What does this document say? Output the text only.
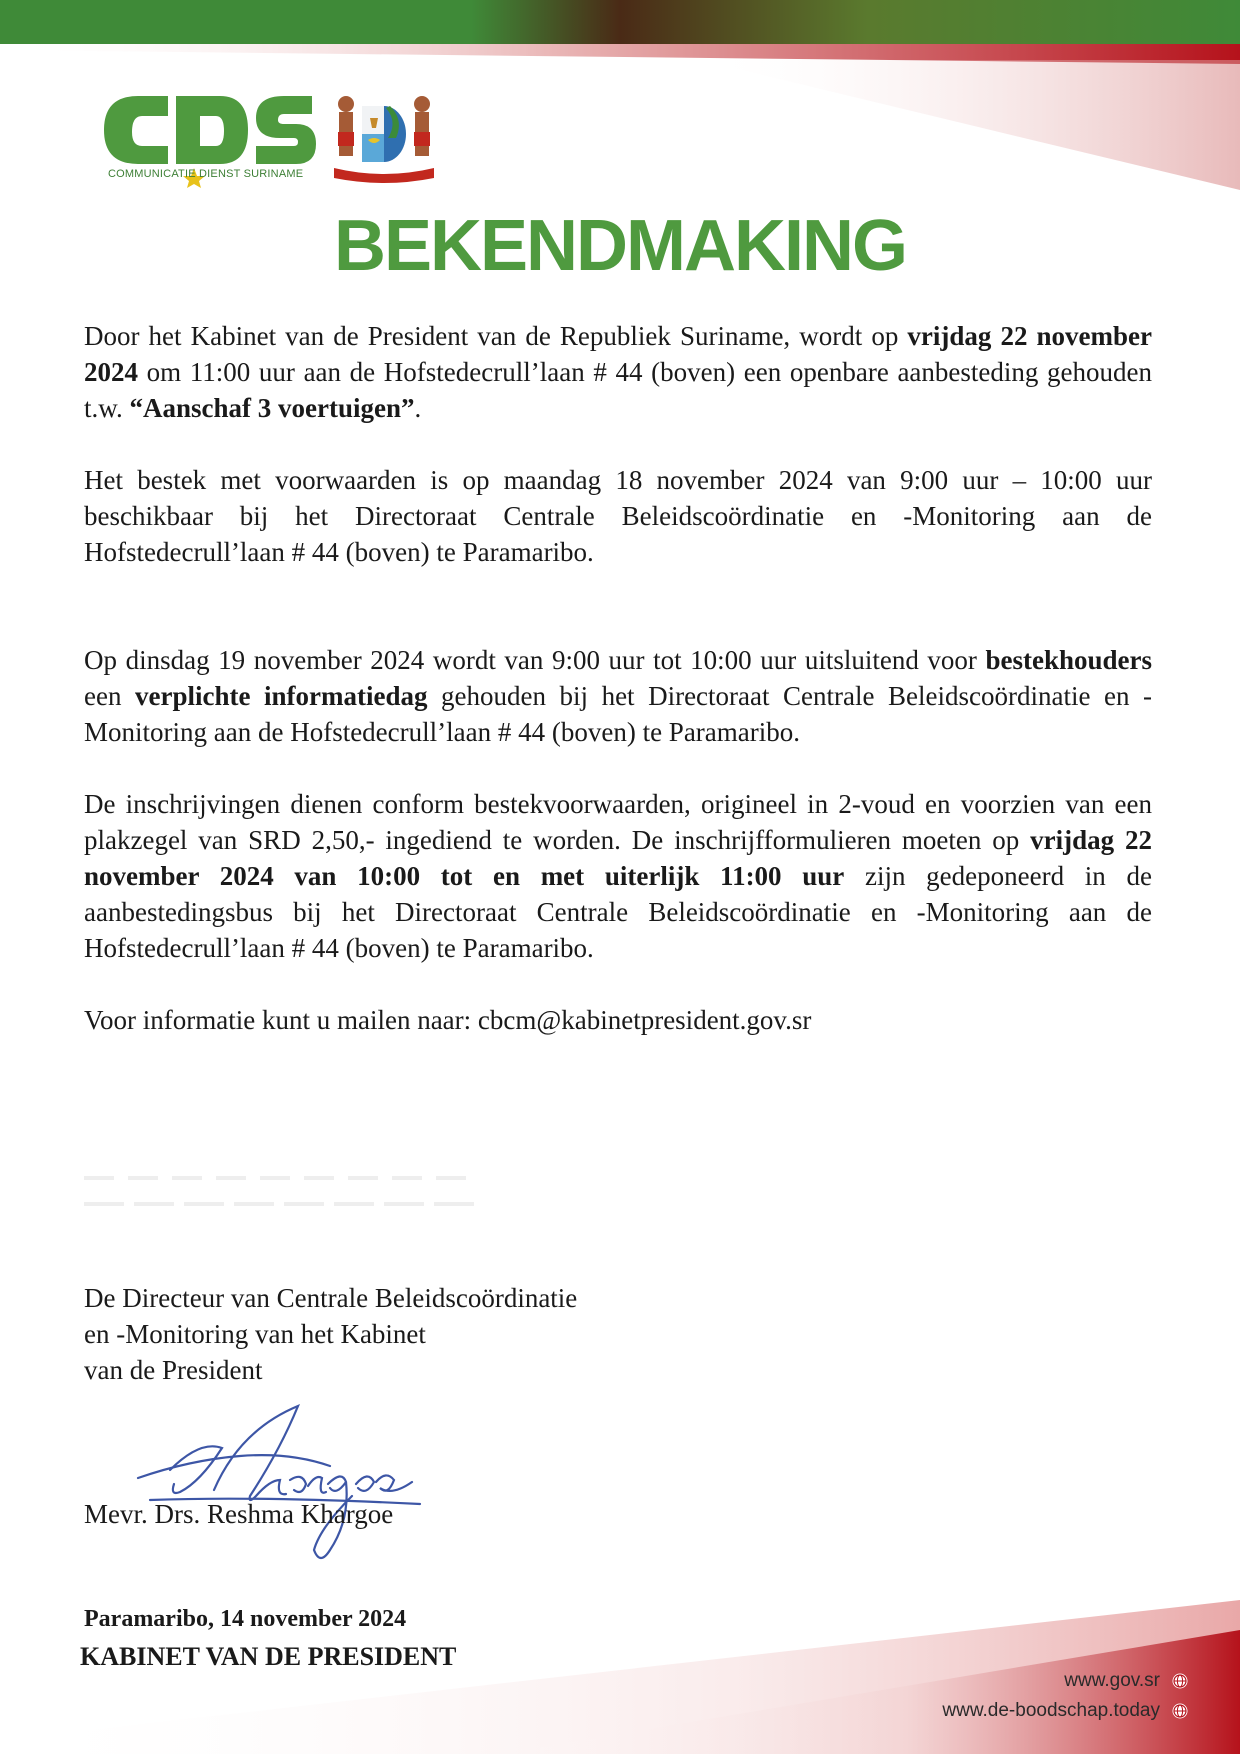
COMMUNICATIE DIENST SURINAME
BEKENDMAKING

Door het Kabinet van de President van de Republiek Suriname, wordt op vrijdag 22 november 2024 om 11:00 uur aan de Hofstedecrull’laan # 44 (boven) een openbare aanbesteding gehouden t.w. “Aanschaf 3 voertuigen”.

Het bestek met voorwaarden is op maandag 18 november 2024 van 9:00 uur – 10:00 uur beschikbaar bij het Directoraat Centrale Beleidscoördinatie en -Monitoring aan de Hofstedecrull’laan # 44 (boven) te Paramaribo.

Op dinsdag 19 november 2024 wordt van 9:00 uur tot 10:00 uur uitsluitend voor bestekhouders een verplichte informatiedag gehouden bij het Directoraat Centrale Beleidscoördinatie en -Monitoring aan de Hofstedecrull’laan # 44 (boven) te Paramaribo.

De inschrijvingen dienen conform bestekvoorwaarden, origineel in 2-voud en voorzien van een plakzegel van SRD 2,50,- ingediend te worden. De inschrijfformulieren moeten op vrijdag 22 november 2024 van 10:00 tot en met uiterlijk 11:00 uur zijn gedeponeerd in de aanbestedingsbus bij het Directoraat Centrale Beleidscoördinatie en -Monitoring aan de Hofstedecrull’laan # 44 (boven) te Paramaribo.

Voor informatie kunt u mailen naar: cbcm@kabinetpresident.gov.sr

De Directeur van Centrale Beleidscoördinatie
en -Monitoring van het Kabinet
van de President
Mevr. Drs. Reshma Khargoe
Paramaribo, 14 november 2024
KABINET VAN DE PRESIDENT
www.gov.sr
www.de-boodschap.today
